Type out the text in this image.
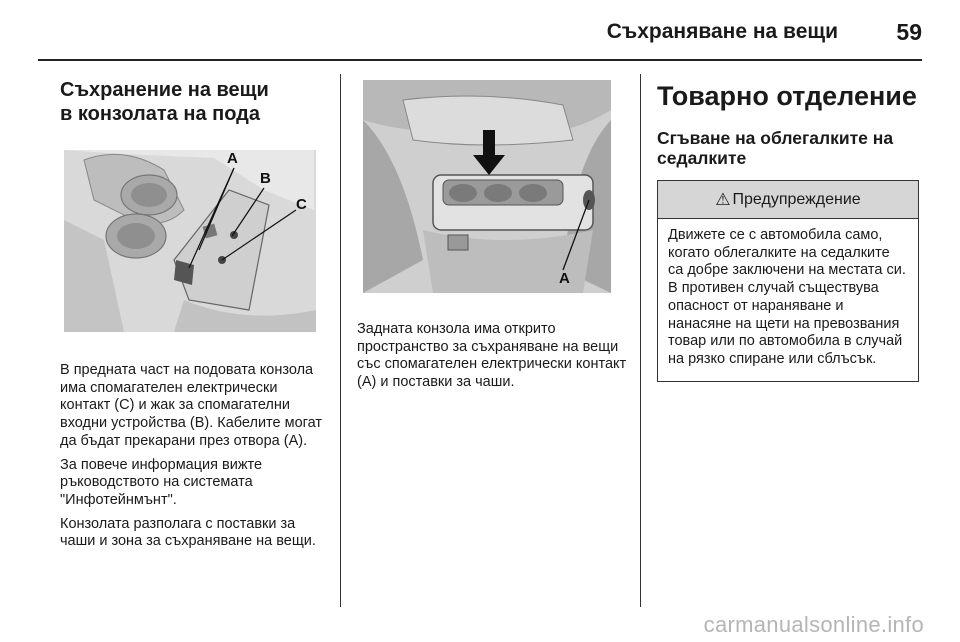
Съхраняване на вещи	59
Съхранение на вещи
в конзолата на пода
A
B
C

В предната част на подовата конзола има спомагателен електрически контакт (C) и жак за спомагателни входни устройства (B). Кабелите могат да бъдат прекарани през отвора (A).

За повече информация вижте ръководството на системата "Инфотейнмънт".

Конзолата разполага с поставки за чаши и зона за съхраняване на вещи.

A

Задната конзола има открито пространство за съхраняване на вещи със спомагателен електрически контакт (A) и поставки за чаши.

Товарно отделение
Сгъване на облегалките на
седалките
⚠ Предупреждение
Движете се с автомобила само, когато облегалките на седалките са добре заключени на местата си. В противен случай съществува опасност от нараняване и нанасяне на щети на превозвания товар или по автомобила в случай на рязко спиране или сблъсък.
carmanualsonline.info
